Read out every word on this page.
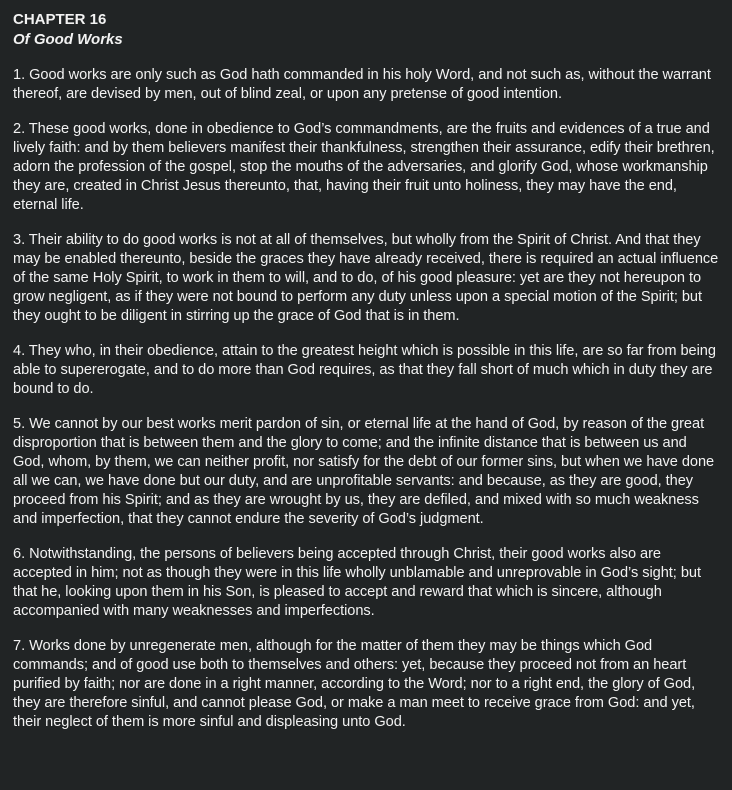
CHAPTER 16
Of Good Works

1. Good works are only such as God hath commanded in his holy Word, and not such as, without the warrant thereof, are devised by men, out of blind zeal, or upon any pretense of good intention.

2. These good works, done in obedience to God’s commandments, are the fruits and evidences of a true and lively faith: and by them believers manifest their thankfulness, strengthen their assurance, edify their brethren, adorn the profession of the gospel, stop the mouths of the adversaries, and glorify God, whose workmanship they are, created in Christ Jesus thereunto, that, having their fruit unto holiness, they may have the end, eternal life.

3. Their ability to do good works is not at all of themselves, but wholly from the Spirit of Christ. And that they may be enabled thereunto, beside the graces they have already received, there is required an actual influence of the same Holy Spirit, to work in them to will, and to do, of his good pleasure: yet are they not hereupon to grow negligent, as if they were not bound to perform any duty unless upon a special motion of the Spirit; but they ought to be diligent in stirring up the grace of God that is in them.

4. They who, in their obedience, attain to the greatest height which is possible in this life, are so far from being able to supererogate, and to do more than God requires, as that they fall short of much which in duty they are bound to do.

5. We cannot by our best works merit pardon of sin, or eternal life at the hand of God, by reason of the great disproportion that is between them and the glory to come; and the infinite distance that is between us and God, whom, by them, we can neither profit, nor satisfy for the debt of our former sins, but when we have done all we can, we have done but our duty, and are unprofitable servants: and because, as they are good, they proceed from his Spirit; and as they are wrought by us, they are defiled, and mixed with so much weakness and imperfection, that they cannot endure the severity of God’s judgment.

6. Notwithstanding, the persons of believers being accepted through Christ, their good works also are accepted in him; not as though they were in this life wholly unblamable and unreprovable in God’s sight; but that he, looking upon them in his Son, is pleased to accept and reward that which is sincere, although accompanied with many weaknesses and imperfections.

7. Works done by unregenerate men, although for the matter of them they may be things which God commands; and of good use both to themselves and others: yet, because they proceed not from an heart purified by faith; nor are done in a right manner, according to the Word; nor to a right end, the glory of God, they are therefore sinful, and cannot please God, or make a man meet to receive grace from God: and yet, their neglect of them is more sinful and displeasing unto God.
